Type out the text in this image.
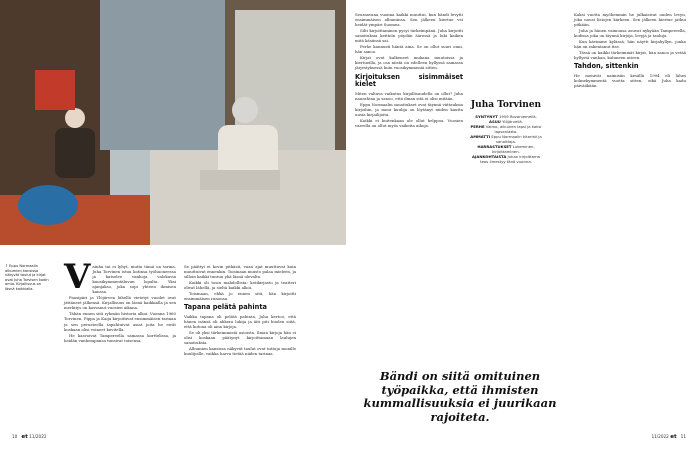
↑ Eppu Normaalin albumien kansissa näkyvät taulut ja kirjat ovat Juha Torvisen kodin omia. Kirjallisuus on läsnä kaikkialla. V ainha tai ei lyhyt, mutta tämä on tarina. Juha Torvinen istuu kotinsa työhuoneessa ja katselee vanhoja valokuvia kuusikymmentäluvun lopulta. Yksi ajanjakso, joka sopi yhteen ihmisen kanssa.

Paasipiiri ja Ylöjärven lähellä vietetyt vuodet ovat jättäneet jälkensä. Kirjallisuus on läsnä kaikkialla ja sen merkitys on kasvanut vuosien aikana.

Tähän ennen sitä ryhmän historia alkoi. Vuonna 1960 Torvinen, Pippa ja Kaija kirjoittivat ensimmäisen tarinan ja sen perusteella tapahtuivat asiat joita he eivät koskaan olisi voineet kuvitella.

He kasvoivat Tampereella samassa korttelissa, ja heidän vanhempansa tunsivat toisensa.

Se päättyi ei kovin pitkästi, vaan ajat muuttuvat kuin muuttuivat ennenkin. Toisinaan muisto palaa mieleen, ja silloin kaikki tuntuu yhä läsnä olevalta.

Kaikki oli tosin mahdollista: kotikirjasto ja teatteri olivat lähellä, ja sieltä kaikki alkoi.

Toisinaan, ehkä jo ennen sitä, hän kirjoitti ensimmäisen runonsa.

Tapana pelätä pahinta

Vaikka tapana oli pelätä pahinta, Juha kertoo, että hänen isänsä oli ahkera lukija ja äiti piti huolen siitä, että kotona oli aina kirjoja.

Se oli yksi tärkeimmistä asioista. Ilman kirjoja hän ei olisi koskaan päätynyt kirjoittamaan laulujen sanoituksia.

Albumien kansissa näkyvät taulut ovat tuttuja monille kuulijoille, vaikka harva tietää niiden tarinaa.

10 et 11/2022

Seuraavana vuonna kaikki muuttui, kun bändi levytti ensimmäisen albuminsa. Sen jälkeen kiertue vei heidät ympäri Suomea.

Silti kirjoittaminen pysyi tärkeimpänä. Juha kirjoitti sanoituksia keittiön pöydän ääressä ja luki kaiken mitä käsiinsä sai.

Perhe kannusti häntä aina. Se on ollut suuri onni, hän sanoo.

Kirjat ovat kulkeneet mukana muutoissa ja kiertueilla, ja osa niistä on edelleen hyllyssä samassa järjestyksessä kuin vuosikymmeniä sitten.

Kirjoituksen sisimmäiset kielet

Miten valtava vaikutus kirjallisuudella on ollut? Juha naurahtaa ja sanoo, että ilman sitä ei olisi mitään.

Eppu Normaalin sanoitukset ovat täynnä viittauksia kirjoihin, ja moni kuulija on löytänyt niiden kautta uusia kirjailijoita.

Kaikki ei kuitenkaan ole ollut helppoa. Vuosien varrella on ollut myös vaikeita aikoja.

Juha Torvinen
SYNTYNYT 1959 Rovaniemellä.
ASUU Ylöjärvellä.
PERHE Vaimo, aikuinen lapsi ja kaksi lapsenlasta.
AMMATTI Eppu Normaalin kitaristi ja sanoittaja.
HARRASTUKSET Lukeminen, kirjoittaminen.
AJANKOHTAISTA Juhan kirjoittama teos ilmestyy tänä vuonna.
Bändi on siitä omituinen työpaikka, että ihmisten kummallisuuksia ei juurikaan rajoiteta.

Kaksi vuotta myöhemmin he julkaisivat uuden levyn, joka nousi listojen kärkeen. Sen jälkeen kiertue jatkui pitkään.

Juha ja hänen vaimonsa asuvat nykyään Tampereella, kodissa joka on täynnä kirjoja, levyjä ja tauluja.

Kun kävimme kylässä, hän näytti kirjahyllyn, jonka hän on rakentanut itse.

Tässä on kaikki tärkeimmät kirjat, hän sanoo ja vetää hyllystä vanhan, kuluneen niteen.

Tahdon, sittenkin

He menivät naimisiin kesällä 1994 eli lähes kolmekymmentä vuotta sitten, eikä Juha kadu päivääkään.

11/2022 et 11
